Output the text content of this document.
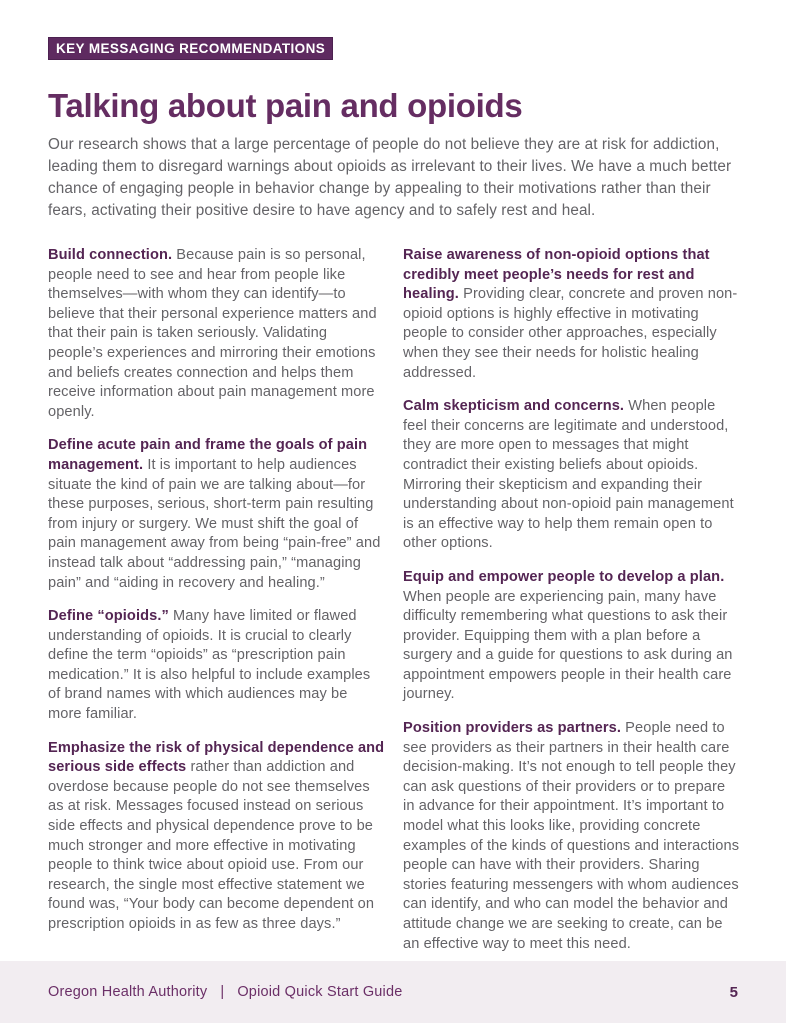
KEY MESSAGING RECOMMENDATIONS
Talking about pain and opioids

Our research shows that a large percentage of people do not believe they are at risk for addiction, leading them to disregard warnings about opioids as irrelevant to their lives. We have a much better chance of engaging people in behavior change by appealing to their motivations rather than their fears, activating their positive desire to have agency and to safely rest and heal.

Build connection. Because pain is so personal, people need to see and hear from people like themselves—with whom they can identify—to believe that their personal experience matters and that their pain is taken seriously. Validating people’s experiences and mirroring their emotions and beliefs creates connection and helps them receive information about pain management more openly.

Define acute pain and frame the goals of pain management. It is important to help audiences situate the kind of pain we are talking about—for these purposes, serious, short-term pain resulting from injury or surgery. We must shift the goal of pain management away from being “pain-free” and instead talk about “addressing pain,” “managing pain” and “aiding in recovery and healing.”

Define “opioids.” Many have limited or flawed understanding of opioids. It is crucial to clearly define the term “opioids” as “prescription pain medication.” It is also helpful to include examples of brand names with which audiences may be more familiar.

Emphasize the risk of physical dependence and serious side effects rather than addiction and overdose because people do not see themselves as at risk. Messages focused instead on serious side effects and physical dependence prove to be much stronger and more effective in motivating people to think twice about opioid use. From our research, the single most effective statement we found was, “Your body can become dependent on prescription opioids in as few as three days.”

Raise awareness of non-opioid options that credibly meet people’s needs for rest and healing. Providing clear, concrete and proven non-opioid options is highly effective in motivating people to consider other approaches, especially when they see their needs for holistic healing addressed.

Calm skepticism and concerns. When people feel their concerns are legitimate and understood, they are more open to messages that might contradict their existing beliefs about opioids. Mirroring their skepticism and expanding their understanding about non-opioid pain management is an effective way to help them remain open to other options.

Equip and empower people to develop a plan. When people are experiencing pain, many have difficulty remembering what questions to ask their provider. Equipping them with a plan before a surgery and a guide for questions to ask during an appointment empowers people in their health care journey.

Position providers as partners. People need to see providers as their partners in their health care decision-making. It’s not enough to tell people they can ask questions of their providers or to prepare in advance for their appointment. It’s important to model what this looks like, providing concrete examples of the kinds of questions and interactions people can have with their providers. Sharing stories featuring messengers with whom audiences can identify, and who can model the behavior and attitude change we are seeking to create, can be an effective way to meet this need.

Oregon Health Authority | Opioid Quick Start Guide	5
